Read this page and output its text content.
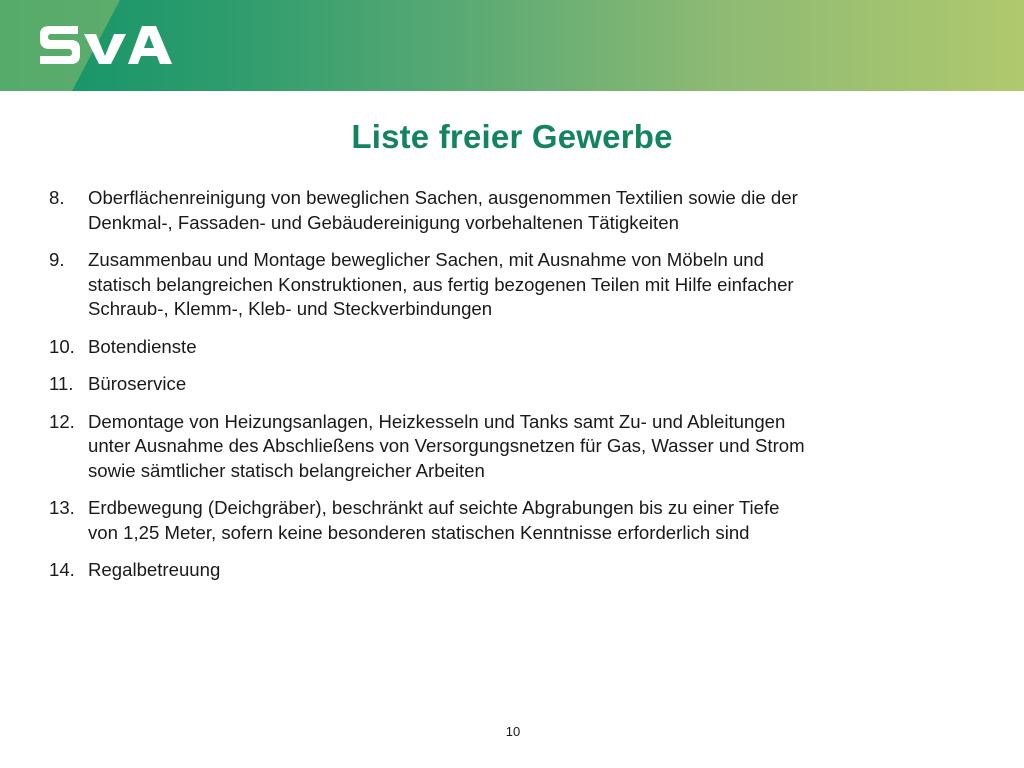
Liste freier Gewerbe
8.	Oberflächenreinigung von beweglichen Sachen, ausgenommen Textilien sowie die der
Denkmal-, Fassaden- und Gebäudereinigung vorbehaltenen Tätigkeiten
9.	Zusammenbau und Montage beweglicher Sachen, mit Ausnahme von Möbeln und
statisch belangreichen Konstruktionen, aus fertig bezogenen Teilen mit Hilfe einfacher
Schraub-, Klemm-, Kleb- und Steckverbindungen
10. Botendienste
11. Büroservice
12. Demontage von Heizungsanlagen, Heizkesseln und Tanks samt Zu- und Ableitungen
unter Ausnahme des Abschließens von Versorgungsnetzen für Gas, Wasser und Strom
sowie sämtlicher statisch belangreicher Arbeiten
13. Erdbewegung (Deichgräber), beschränkt auf seichte Abgrabungen bis zu einer Tiefe
von 1,25 Meter, sofern keine besonderen statischen Kenntnisse erforderlich sind
14. Regalbetreuung
10
